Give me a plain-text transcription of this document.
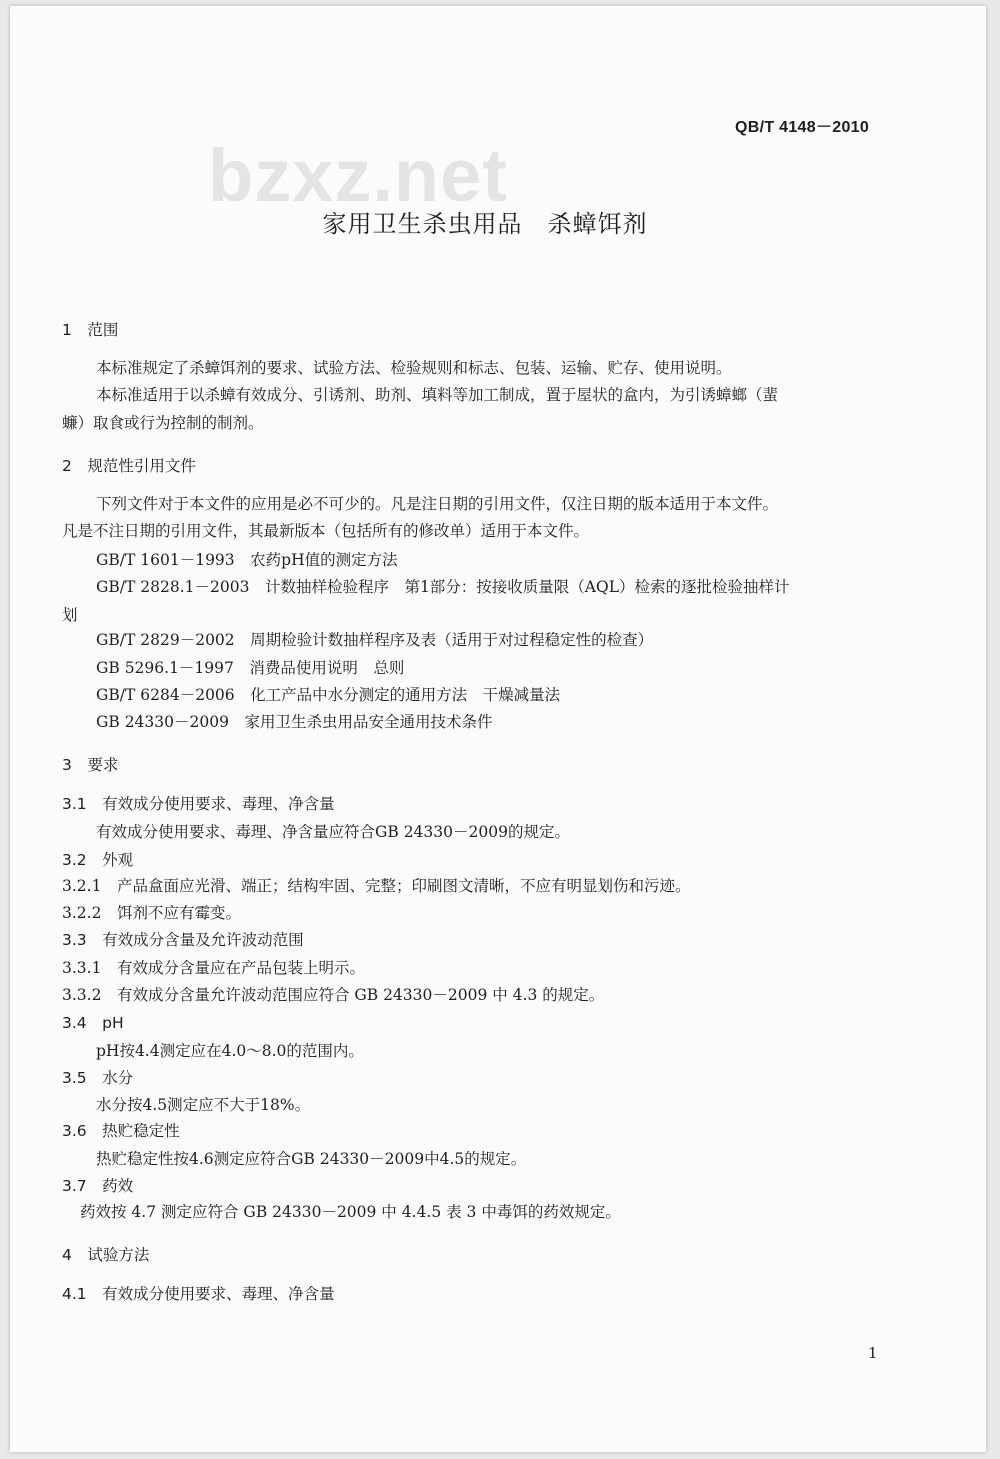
QB/T 4148－2010
bzxz.net
家用卫生杀虫用品　杀蟑饵剂
1　范围
本标准规定了杀蟑饵剂的要求、试验方法、检验规则和标志、包装、运输、贮存、使用说明。
本标准适用于以杀蟑有效成分、引诱剂、助剂、填料等加工制成，置于屋状的盒内，为引诱蟑螂（蜚
蠊）取食或行为控制的制剂。
2　规范性引用文件
下列文件对于本文件的应用是必不可少的。凡是注日期的引用文件，仅注日期的版本适用于本文件。
凡是不注日期的引用文件，其最新版本（包括所有的修改单）适用于本文件。
GB/T 1601－1993　农药pH值的测定方法
GB/T 2828.1－2003　计数抽样检验程序　第1部分：按接收质量限（AQL）检索的逐批检验抽样计
划
GB/T 2829－2002　周期检验计数抽样程序及表（适用于对过程稳定性的检查）
GB 5296.1－1997　消费品使用说明　总则
GB/T 6284－2006　化工产品中水分测定的通用方法　干燥减量法
GB 24330－2009　家用卫生杀虫用品安全通用技术条件
3　要求
3.1　有效成分使用要求、毒理、净含量
有效成分使用要求、毒理、净含量应符合GB 24330－2009的规定。
3.2　外观
3.2.1　产品盒面应光滑、端正；结构牢固、完整；印刷图文清晰，不应有明显划伤和污迹。
3.2.2　饵剂不应有霉变。
3.3　有效成分含量及允许波动范围
3.3.1　有效成分含量应在产品包装上明示。
3.3.2　有效成分含量允许波动范围应符合 GB 24330－2009 中 4.3 的规定。
3.4　pH
pH按4.4测定应在4.0～8.0的范围内。
3.5　水分
水分按4.5测定应不大于18%。
3.6　热贮稳定性
热贮稳定性按4.6测定应符合GB 24330－2009中4.5的规定。
3.7　药效
药效按 4.7 测定应符合 GB 24330－2009 中 4.4.5 表 3 中毒饵的药效规定。
4　试验方法
4.1　有效成分使用要求、毒理、净含量
1
